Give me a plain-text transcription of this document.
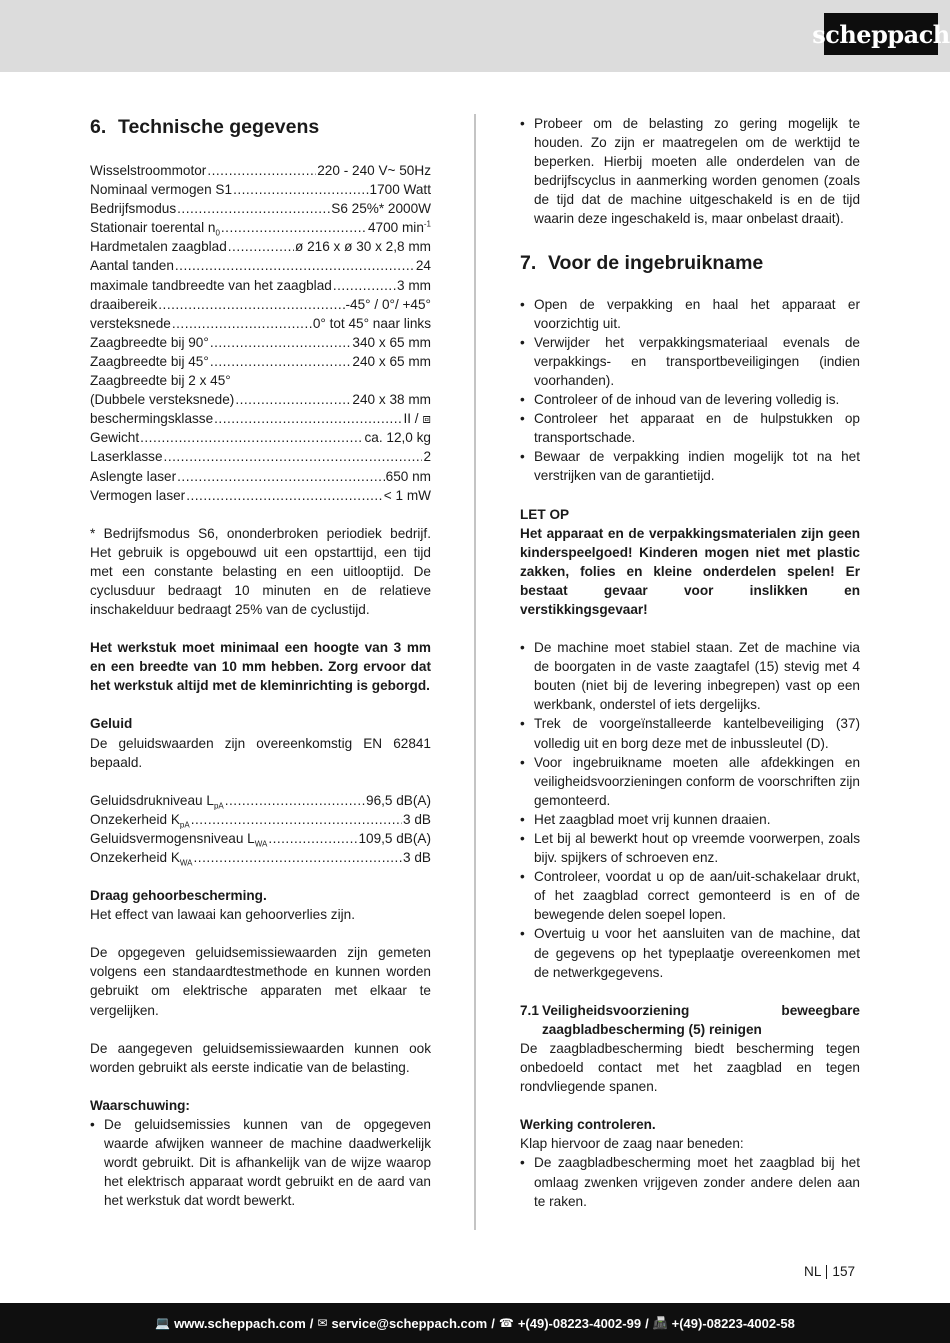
scheppach
6. Technische gegevens
Wisselstroommotor .....	220 - 240 V~ 50Hz
Nominaal vermogen S1 .....	1700 Watt
Bedrijfsmodus .....	S6 25%* 2000W
Stationair toerental $n_0$ .....	4700 $\min^{-1}$
Hardmetalen zaagblad .....	ø 216 x ø 30 x 2,8 mm
Aantal tanden .....	24
maximale tandbreedte van het zaagblad .....	3 mm
draaibereik .....	-45° / 0°/ +45°
versteksnede .....	0° tot 45° naar links
Zaagbreedte bij 90° .....	340 x 65 mm
Zaagbreedte bij 45° .....	240 x 65 mm
Zaagbreedte bij 2 x 45°
(Dubbele versteksnede) .....	240 x 38 mm
beschermingsklasse .....	II / ⧈
Gewicht .....	ca. 12,0 kg
Laserklasse .....	2
Aslengte laser .....	650 nm
Vermogen laser .....	< 1 mW

* Bedrijfsmodus S6, ononderbroken periodiek bedrijf. Het gebruik is opgebouwd uit een opstarttijd, een tijd met een constante belasting en een uitlooptijd. De cyclusduur bedraagt 10 minuten en de relatieve inschakelduur bedraagt 25% van de cyclustijd.

Het werkstuk moet minimaal een hoogte van 3 mm en een breedte van 10 mm hebben. Zorg ervoor dat het werkstuk altijd met de kleminrichting is geborgd.

Geluid

De geluidswaarden zijn overeenkomstig EN 62841 bepaald.

Geluidsdrukniveau $L_{pA}$ .....	96,5 dB(A)
Onzekerheid $K_{pA}$ .....	3 dB
Geluidsvermogensniveau $L_{WA}$ .....	109,5 dB(A)
Onzekerheid $K_{WA}$ .....	3 dB
Draag gehoorbescherming.

Het effect van lawaai kan gehoorverlies zijn.

De opgegeven geluidsemissiewaarden zijn gemeten volgens een standaardtestmethode en kunnen worden gebruikt om elektrische apparaten met elkaar te vergelijken.

De aangegeven geluidsemissiewaarden kunnen ook worden gebruikt als eerste indicatie van de belasting.

Waarschuwing:
• De geluidsemissies kunnen van de opgegeven waarde afwijken wanneer de machine daadwerkelijk wordt gebruikt. Dit is afhankelijk van de wijze waarop het elektrisch apparaat wordt gebruikt en de aard van het werkstuk dat wordt bewerkt.
• Probeer om de belasting zo gering mogelijk te houden. Zo zijn er maatregelen om de werktijd te beperken. Hierbij moeten alle onderdelen van de bedrijfscyclus in aanmerking worden genomen (zoals de tijd dat de machine uitgeschakeld is en de tijd waarin deze ingeschakeld is, maar onbelast draait).
7. Voor de ingebruikname
• Open de verpakking en haal het apparaat er voorzichtig uit.
• Verwijder het verpakkingsmateriaal evenals de verpakkings- en transportbeveiligingen (indien voorhanden).
• Controleer of de inhoud van de levering volledig is.
• Controleer het apparaat en de hulpstukken op transportschade.
• Bewaar de verpakking indien mogelijk tot na het verstrijken van de garantietijd.
LET OP

Het apparaat en de verpakkingsmaterialen zijn geen kinderspeelgoed! Kinderen mogen niet met plastic zakken, folies en kleine onderdelen spelen! Er bestaat gevaar voor inslikken en verstikkingsgevaar!

• De machine moet stabiel staan. Zet de machine via de boorgaten in de vaste zaagtafel (15) stevig met 4 bouten (niet bij de levering inbegrepen) vast op een werkbank, onderstel of iets dergelijks.
• Trek de voorgeïnstalleerde kantelbeveiliging (37) volledig uit en borg deze met de inbussleutel (D).
• Voor ingebruikname moeten alle afdekkingen en veiligheidsvoorzieningen conform de voorschriften zijn gemonteerd.
• Het zaagblad moet vrij kunnen draaien.
• Let bij al bewerkt hout op vreemde voorwerpen, zoals bijv. spijkers of schroeven enz.
• Controleer, voordat u op de aan/uit-schakelaar drukt, of het zaagblad correct gemonteerd is en of de bewegende delen soepel lopen.
• Overtuig u voor het aansluiten van de machine, dat de gegevens op het typeplaatje overeenkomen met de netwerkgegevens.
7.1 Veiligheidsvoorziening beweegbare zaagbladbescherming (5) reinigen

De zaagbladbescherming biedt bescherming tegen onbedoeld contact met het zaagblad en tegen rondvliegende spanen.

Werking controleren.
Klap hiervoor de zaag naar beneden:
• De zaagbladbescherming moet het zaagblad bij het omlaag zwenken vrijgeven zonder andere delen aan te raken.
NL 157
💻 www.scheppach.com / ✉ service@scheppach.com / ☎ +(49)-08223-4002-99 / 📠 +(49)-08223-4002-58
